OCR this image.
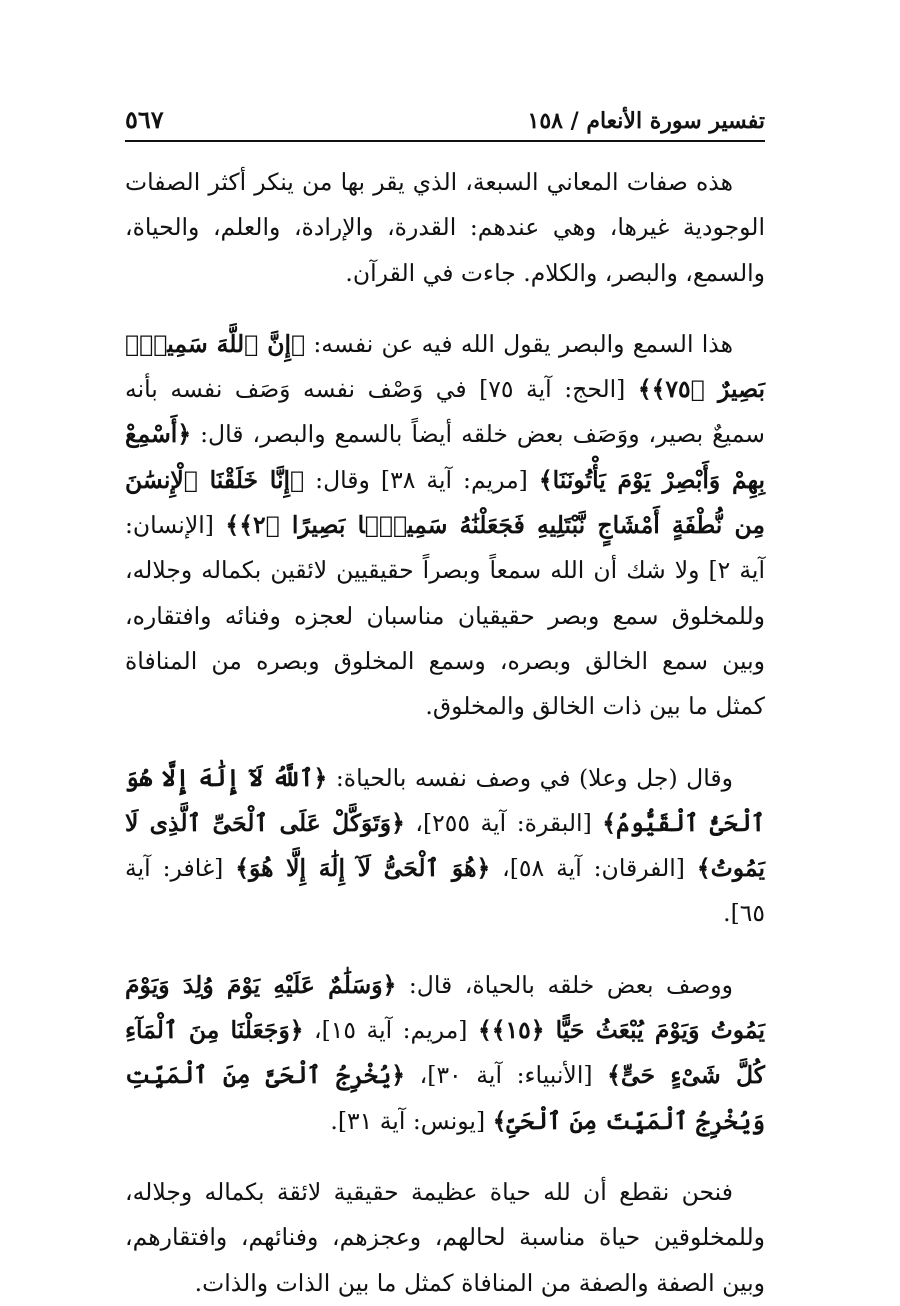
تفسير سورة الأنعام / ١٥٨
٥٦٧

هذه صفات المعاني السبعة، الذي يقر بها من ينكر أكثر الصفات الوجودية غيرها، وهي عندهم: القدرة، والإرادة، والعلم، والحياة، والسمع، والبصر، والكلام. جاءت في القرآن.

هذا السمع والبصر يقول الله فيه عن نفسه: ﴿إِنَّ ٱللَّهَ سَمِيعٌۢ بَصِيرٌ ﴿٧٥﴾﴾ [الحج: آية ٧٥] في وَصْف نفسه وَصَف نفسه بأنه سميعٌ بصير، ووَصَف بعض خلقه أيضاً بالسمع والبصر، قال: ﴿أَسْمِعْ بِهِمْ وَأَبْصِرْ يَوْمَ يَأْتُونَنَا﴾ [مريم: آية ٣٨] وقال: ﴿إِنَّا خَلَقْنَا ٱلْإِنسَٰنَ مِن نُّطْفَةٍ أَمْشَاجٍ نَّبْتَلِيهِ فَجَعَلْنَٰهُ سَمِيعًۢا بَصِيرًا ﴿٢﴾﴾ [الإنسان: آية ٢] ولا شك أن الله سمعاً وبصراً حقيقيين لائقين بكماله وجلاله، وللمخلوق سمع وبصر حقيقيان مناسبان لعجزه وفنائه وافتقاره، وبين سمع الخالق وبصره، وسمع المخلوق وبصره من المنافاة كمثل ما بين ذات الخالق والمخلوق.

وقال (جل وعلا) في وصف نفسه بالحياة: ﴿ٱللَّهُ لَآ إِلَٰهَ إِلَّا هُوَ ٱلْحَىُّ ٱلْقَيُّومُ﴾ [البقرة: آية ٢٥٥]، ﴿وَتَوَكَّلْ عَلَى ٱلْحَىِّ ٱلَّذِى لَا يَمُوتُ﴾ [الفرقان: آية ٥٨]، ﴿هُوَ ٱلْحَىُّ لَآ إِلَٰهَ إِلَّا هُوَ﴾ [غافر: آية ٦٥].

ووصف بعض خلقه بالحياة، قال: ﴿وَسَلَٰمٌ عَلَيْهِ يَوْمَ وُلِدَ وَيَوْمَ يَمُوتُ وَيَوْمَ يُبْعَثُ حَيًّا ﴿١٥﴾﴾ [مريم: آية ١٥]، ﴿وَجَعَلْنَا مِنَ ٱلْمَآءِ كُلَّ شَىْءٍ حَىٍّ﴾ [الأنبياء: آية ٣٠]، ﴿يُخْرِجُ ٱلْحَىَّ مِنَ ٱلْمَيِّتِ وَيُخْرِجُ ٱلْمَيِّتَ مِنَ ٱلْحَىِّ﴾ [يونس: آية ٣١].

فنحن نقطع أن لله حياة عظيمة حقيقية لائقة بكماله وجلاله، وللمخلوقين حياة مناسبة لحالهم، وعجزهم، وفنائهم، وافتقارهم، وبين الصفة والصفة من المنافاة كمثل ما بين الذات والذات.
